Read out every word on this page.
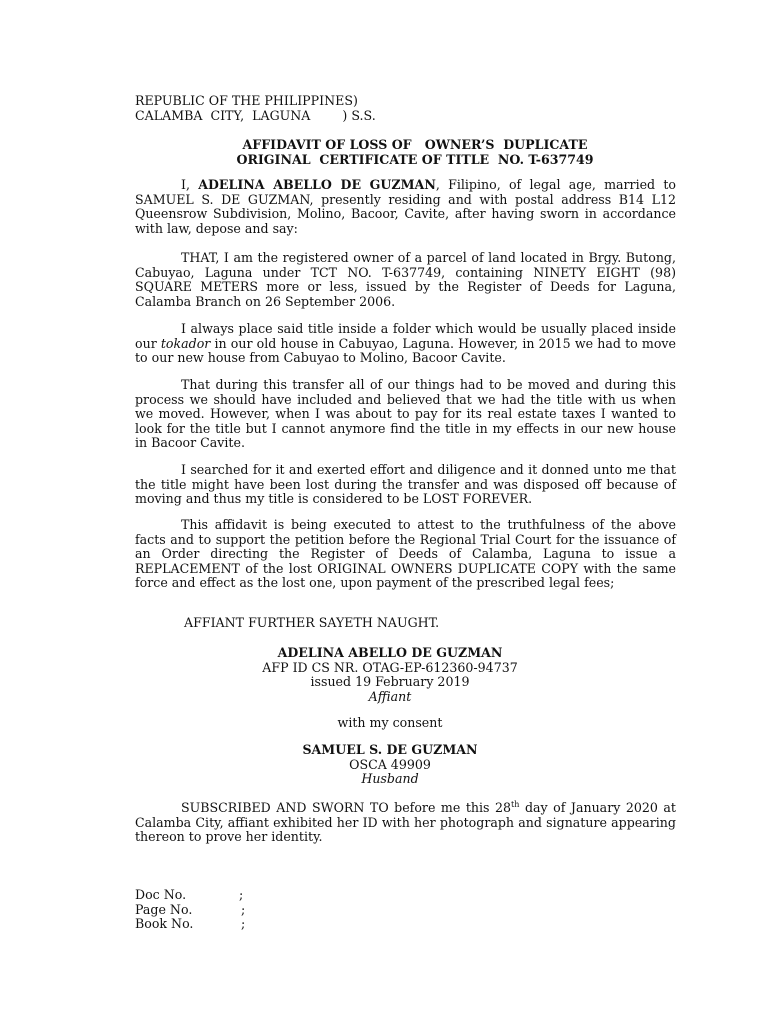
REPUBLIC OF THE PHILIPPINES)
CALAMBA  CITY,  LAGUNA        ) S.S.
AFFIDAVIT OF LOSS OF   OWNER’S  DUPLICATE
ORIGINAL  CERTIFICATE OF TITLE  NO. T-637749

I, ADELINA ABELLO DE GUZMAN, Filipino, of legal age, married to SAMUEL S. DE GUZMAN, presently residing and with postal address B14 L12 Queensrow Subdivision, Molino, Bacoor, Cavite, after having sworn in accordance with law, depose and say:

THAT, I am the registered owner of a parcel of land located in Brgy. Butong, Cabuyao, Laguna under TCT NO. T-637749, containing NINETY EIGHT (98) SQUARE METERS more or less, issued by the Register of Deeds for Laguna, Calamba Branch on 26 September 2006.

I always place said title inside a folder which would be usually placed inside our tokador in our old house in Cabuyao, Laguna. However, in 2015 we had to move to our new house from Cabuyao to Molino, Bacoor Cavite.

That during this transfer all of our things had to be moved and during this process we should have included and believed that we had the title with us when we moved. However, when I was about to pay for its real estate taxes I wanted to look for the title but I cannot anymore find the title in my effects in our new house in Bacoor Cavite.

I searched for it and exerted effort and diligence and it donned unto me that the title might have been lost during the transfer and was disposed off because of moving and thus my title is considered to be LOST FOREVER.

This affidavit is being executed to attest to the truthfulness of the above facts and to support the petition before the Regional Trial Court for the issuance of an Order directing the Register of Deeds of Calamba, Laguna to issue a REPLACEMENT of the lost ORIGINAL OWNERS DUPLICATE COPY with the same force and effect as the lost one, upon payment of the prescribed legal fees;

AFFIANT FURTHER SAYETH NAUGHT.
ADELINA ABELLO DE GUZMAN
AFP ID CS NR. OTAG-EP-612360-94737
issued 19 February 2019
Affiant
with my consent
SAMUEL S. DE GUZMAN
OSCA 49909
Husband

SUBSCRIBED AND SWORN TO before me this 28th day of January 2020 at Calamba City, affiant exhibited her ID with her photograph and signature appearing thereon to prove her identity.

Doc No.	;
Page No.	;
Book No.	;
